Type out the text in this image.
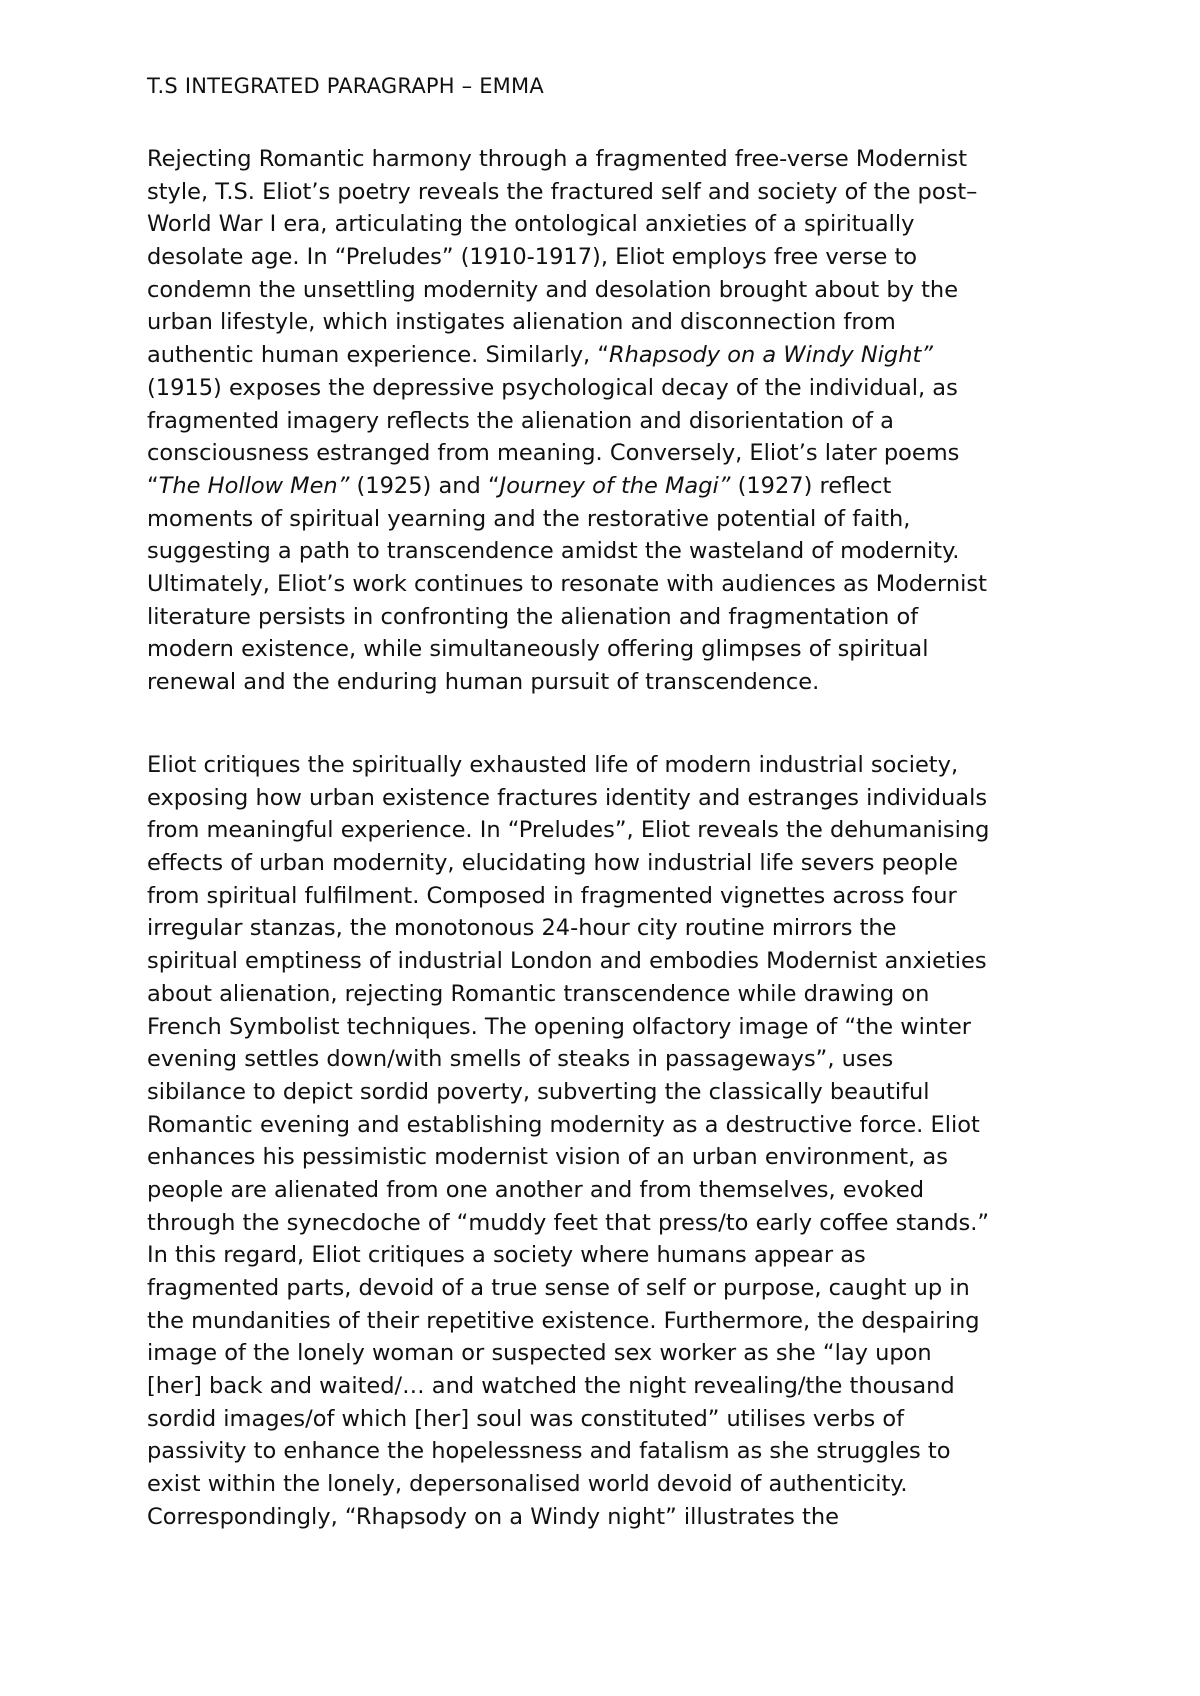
T.S INTEGRATED PARAGRAPH – EMMA

Rejecting Romantic harmony through a fragmented free-verse Modernist
style, T.S. Eliot’s poetry reveals the fractured self and society of the post–
World War I era, articulating the ontological anxieties of a spiritually
desolate age. In “Preludes” (1910-1917), Eliot employs free verse to
condemn the unsettling modernity and desolation brought about by the
urban lifestyle, which instigates alienation and disconnection from
authentic human experience. Similarly, “Rhapsody on a Windy Night”
(1915) exposes the depressive psychological decay of the individual, as
fragmented imagery reflects the alienation and disorientation of a
consciousness estranged from meaning. Conversely, Eliot’s later poems
“The Hollow Men” (1925) and “Journey of the Magi” (1927) reflect
moments of spiritual yearning and the restorative potential of faith,
suggesting a path to transcendence amidst the wasteland of modernity.
Ultimately, Eliot’s work continues to resonate with audiences as Modernist
literature persists in confronting the alienation and fragmentation of
modern existence, while simultaneously offering glimpses of spiritual
renewal and the enduring human pursuit of transcendence.
Eliot critiques the spiritually exhausted life of modern industrial society,
exposing how urban existence fractures identity and estranges individuals
from meaningful experience. In “Preludes”, Eliot reveals the dehumanising
effects of urban modernity, elucidating how industrial life severs people
from spiritual fulfilment. Composed in fragmented vignettes across four
irregular stanzas, the monotonous 24-hour city routine mirrors the
spiritual emptiness of industrial London and embodies Modernist anxieties
about alienation, rejecting Romantic transcendence while drawing on
French Symbolist techniques. The opening olfactory image of “the winter
evening settles down/with smells of steaks in passageways”, uses
sibilance to depict sordid poverty, subverting the classically beautiful
Romantic evening and establishing modernity as a destructive force. Eliot
enhances his pessimistic modernist vision of an urban environment, as
people are alienated from one another and from themselves, evoked
through the synecdoche of “muddy feet that press/to early coffee stands.”
In this regard, Eliot critiques a society where humans appear as
fragmented parts, devoid of a true sense of self or purpose, caught up in
the mundanities of their repetitive existence. Furthermore, the despairing
image of the lonely woman or suspected sex worker as she “lay upon
[her] back and waited/… and watched the night revealing/the thousand
sordid images/of which [her] soul was constituted” utilises verbs of
passivity to enhance the hopelessness and fatalism as she struggles to
exist within the lonely, depersonalised world devoid of authenticity.
Correspondingly, “Rhapsody on a Windy night” illustrates the
